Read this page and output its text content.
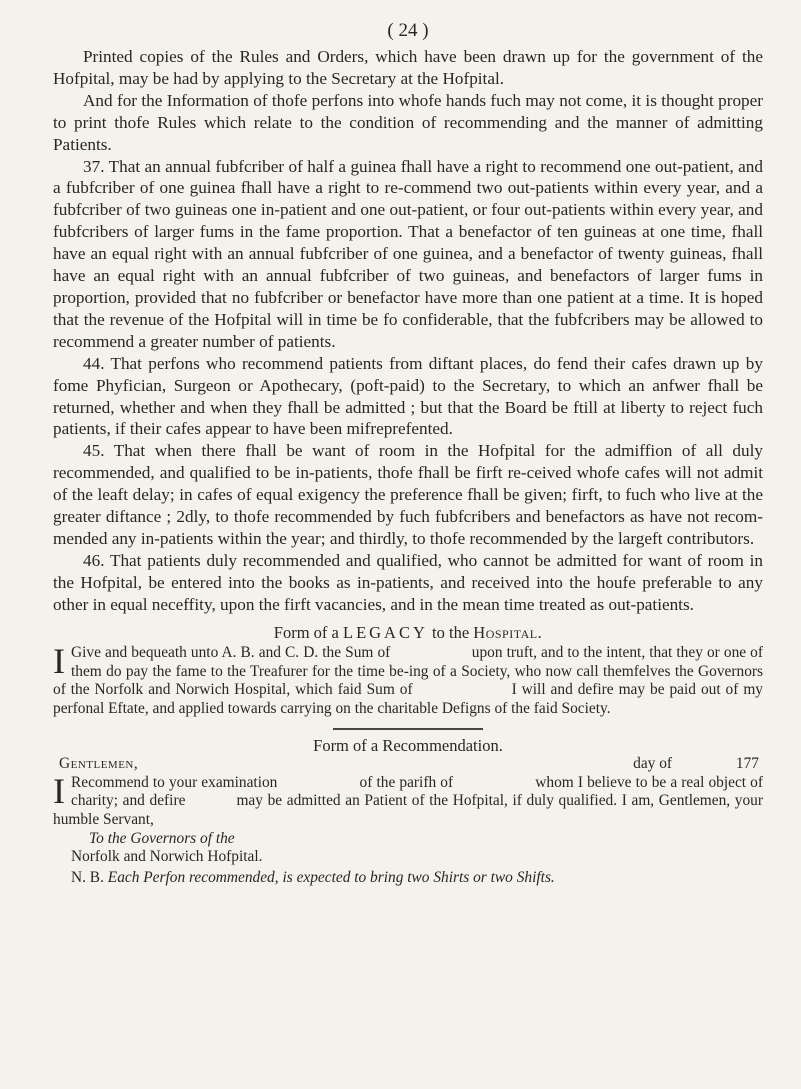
( 24 )

Printed copies of the Rules and Orders, which have been drawn up for the government of the Hofpital, may be had by applying to the Secretary at the Hofpital.

And for the Information of thofe perfons into whofe hands fuch may not come, it is thought proper to print thofe Rules which relate to the condition of recommending and the manner of admitting Patients.

37. That an annual fubfcriber of half a guinea fhall have a right to recommend one out-patient, and a fubfcriber of one guinea fhall have a right to re-commend two out-patients within every year, and a fubfcriber of two guineas one in-patient and one out-patient, or four out-patients within every year, and fubfcribers of larger fums in the fame proportion. That a benefactor of ten guineas at one time, fhall have an equal right with an annual fubfcriber of one guinea, and a benefactor of twenty guineas, fhall have an equal right with an annual fubfcriber of two guineas, and benefactors of larger fums in proportion, provided that no fubfcriber or benefactor have more than one patient at a time. It is hoped that the revenue of the Hofpital will in time be fo confiderable, that the fubfcribers may be allowed to recommend a greater number of patients.

44. That perfons who recommend patients from diftant places, do fend their cafes drawn up by fome Phyfician, Surgeon or Apothecary, (poft-paid) to the Secretary, to which an anfwer fhall be returned, whether and when they fhall be admitted ; but that the Board be ftill at liberty to reject fuch patients, if their cafes appear to have been mifreprefented.

45. That when there fhall be want of room in the Hofpital for the admiffion of all duly recommended, and qualified to be in-patients, thofe fhall be firft re-ceived whofe cafes will not admit of the leaft delay; in cafes of equal exigency the preference fhall be given; firft, to fuch who live at the greater diftance ; 2dly, to thofe recommended by fuch fubfcribers and benefactors as have not recom-mended any in-patients within the year; and thirdly, to thofe recommended by the largeft contributors.

46. That patients duly recommended and qualified, who cannot be admitted for want of room in the Hofpital, be entered into the books as in-patients, and received into the houfe preferable to any other in equal neceffity, upon the firft vacancies, and in the mean time treated as out-patients.

Form of a LEGACY to the Hospital.

I Give and bequeath unto A. B. and C. D. the Sum of                    upon truft, and to the intent, that they or one of them do pay the fame to the Treafurer for the time be-ing of a Society, who now call themfelves the Governors of the Norfolk and Norwich Hospital, which faid Sum of                    I will and defire may be paid out of my perfonal Eftate, and applied towards carrying on the charitable Defigns of the faid Society.

Form of a Recommendation.
Gentlemen,	day of	177

I Recommend to your examination                    of the parifh of                    whom I believe to be a real object of charity; and defire           may be admitted an Patient of the Hofpital, if duly qualified. I am, Gentlemen, your humble Servant,

To the Governors of the
Norfolk and Norwich Hofpital.
N. B. Each Perfon recommended, is expected to bring two Shirts or two Shifts.
